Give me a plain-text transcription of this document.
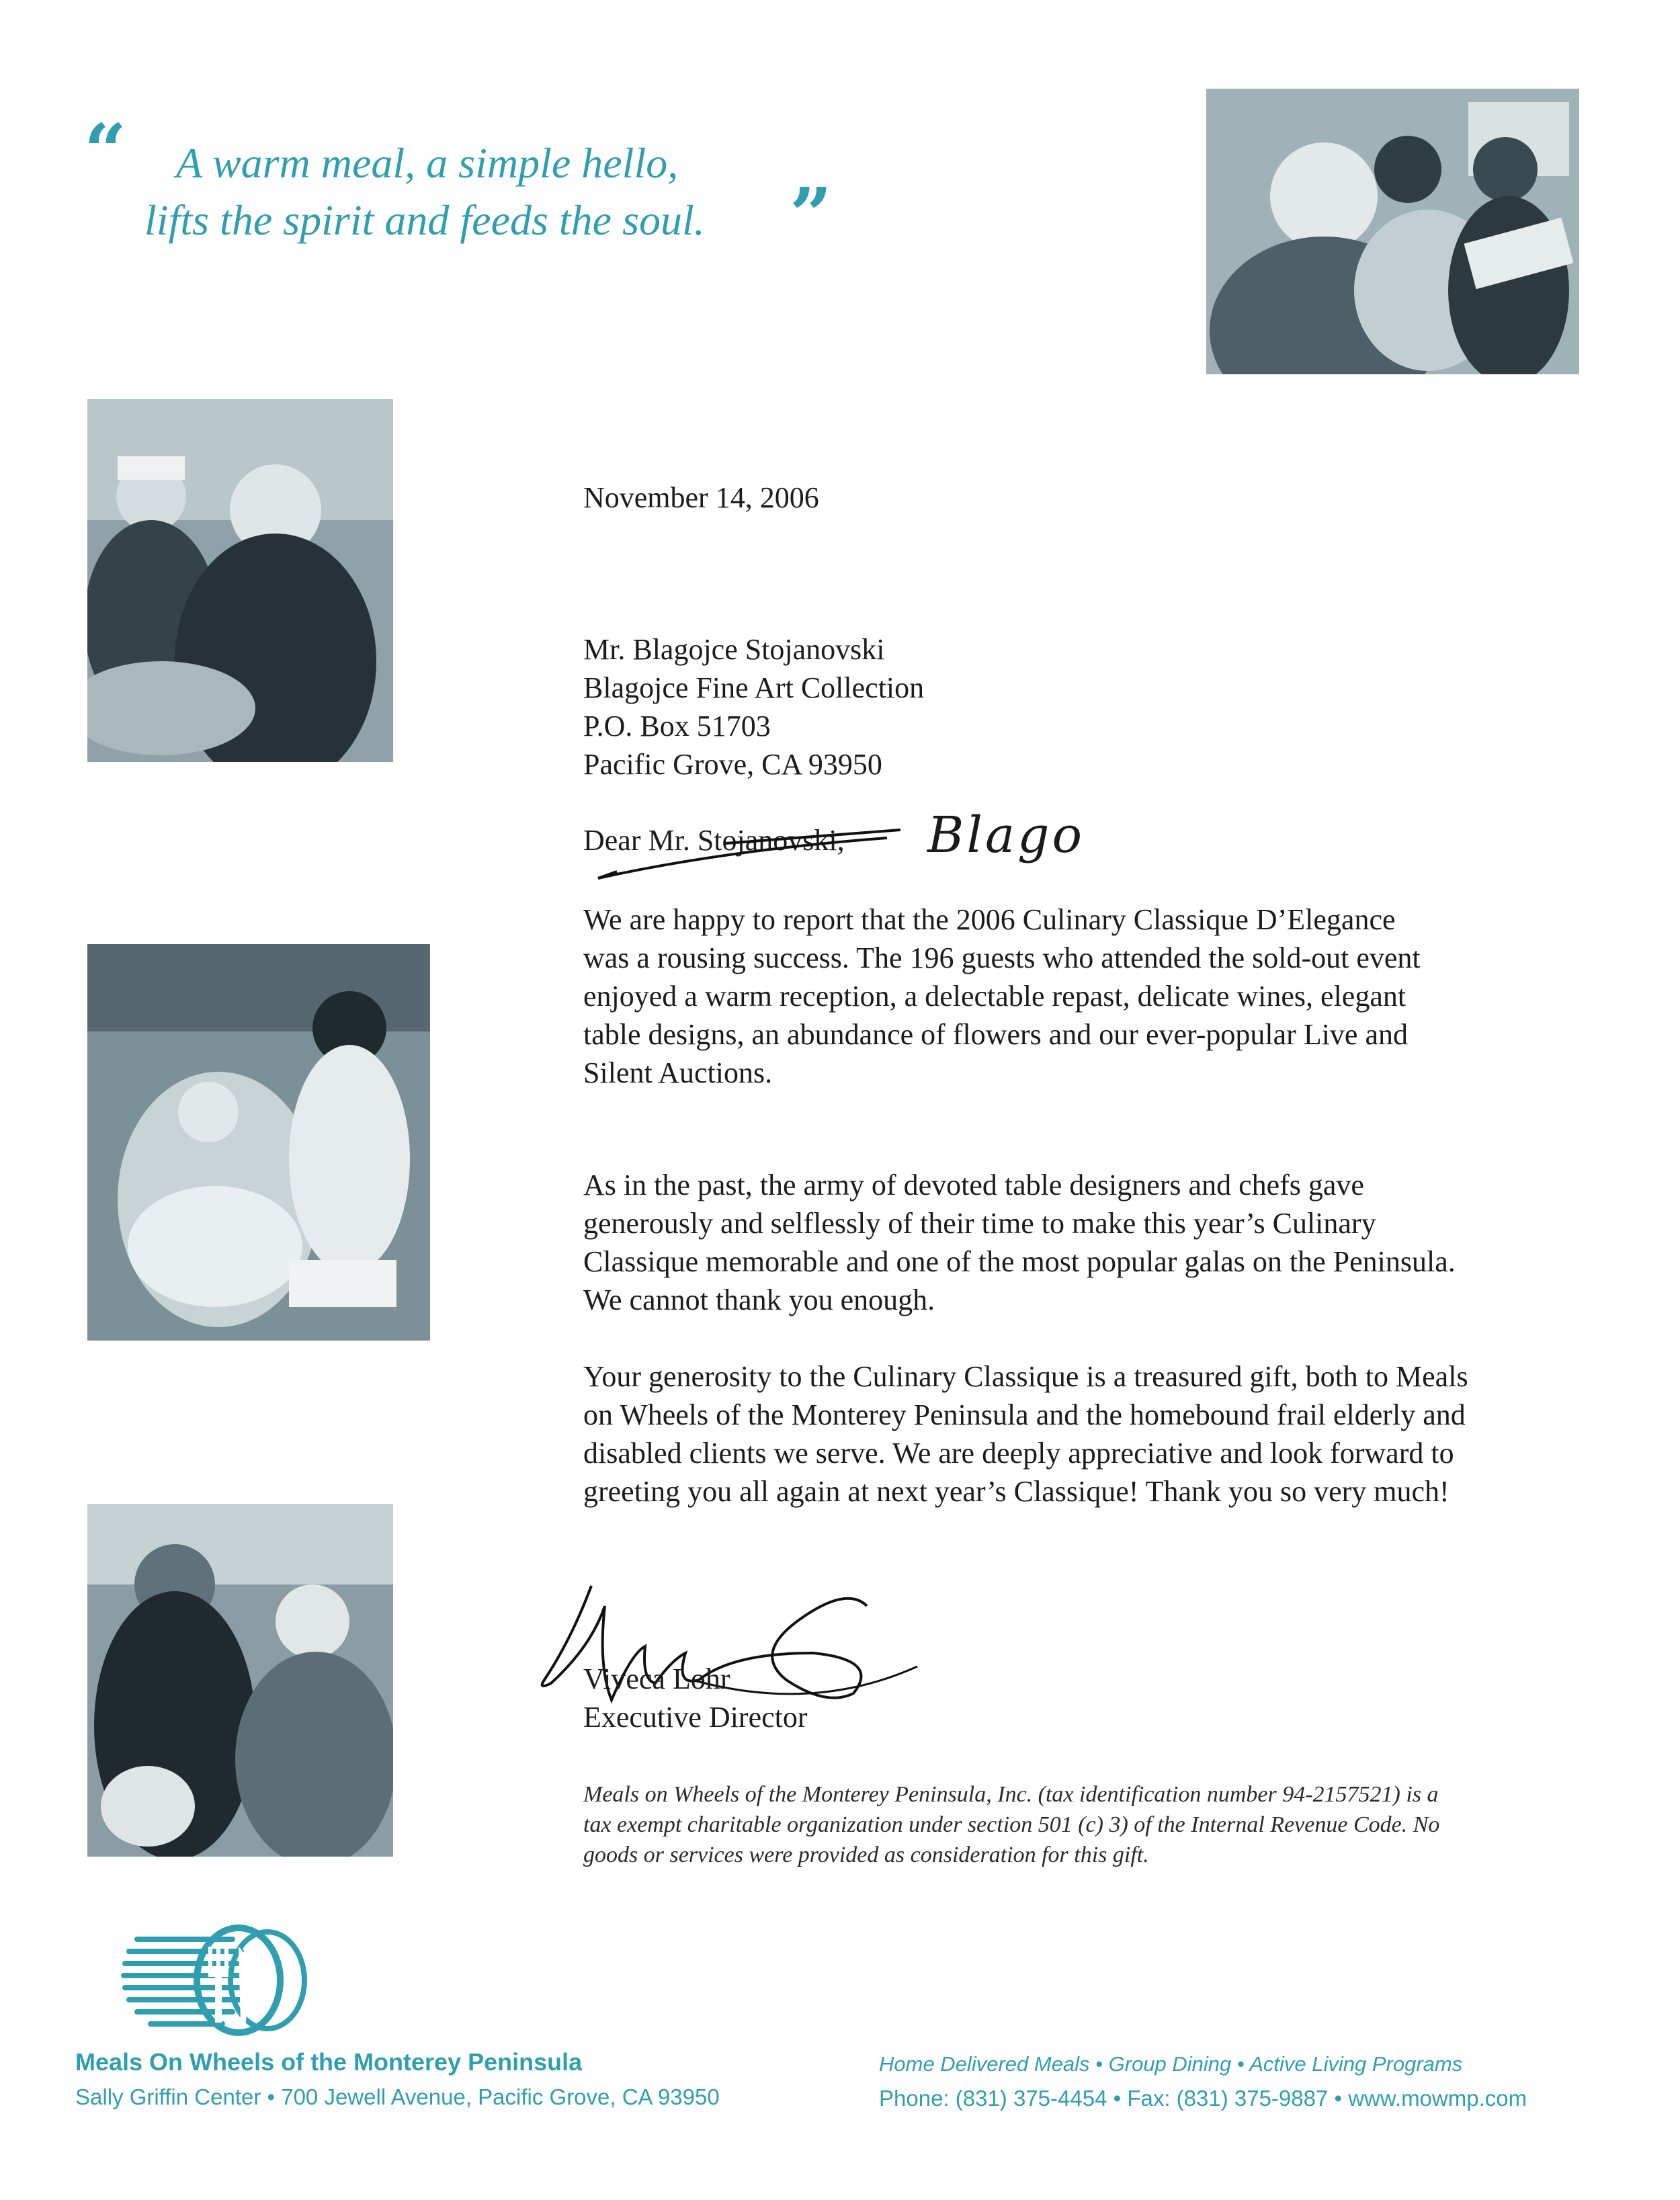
“ A warm meal, a simple hello,
lifts the spirit and feeds the soul. ”
November 14, 2006
Mr. Blagojce Stojanovski
Blagojce Fine Art Collection
P.O. Box 51703
Pacific Grove, CA 93950
Dear Mr. Stojanovski, Blago

We are happy to report that the 2006 Culinary Classique D’Elegance was a rousing success. The 196 guests who attended the sold-out event enjoyed a warm reception, a delectable repast, delicate wines, elegant table designs, an abundance of flowers and our ever-popular Live and Silent Auctions.

As in the past, the army of devoted table designers and chefs gave generously and selflessly of their time to make this year’s Culinary Classique memorable and one of the most popular galas on the Peninsula. We cannot thank you enough.

Your generosity to the Culinary Classique is a treasured gift, both to Meals on Wheels of the Monterey Peninsula and the homebound frail elderly and disabled clients we serve. We are deeply appreciative and look forward to greeting you all again at next year’s Classique! Thank you so very much!

Viveca Lohr
Executive Director
Meals on Wheels of the Monterey Peninsula, Inc. (tax identification number 94-2157521) is a tax exempt charitable organization under section 501 (c) 3) of the Internal Revenue Code. No goods or services were provided as consideration for this gift.
Meals On Wheels of the Monterey Peninsula
Sally Griffin Center • 700 Jewell Avenue, Pacific Grove, CA 93950
Home Delivered Meals • Group Dining • Active Living Programs
Phone: (831) 375-4454 • Fax: (831) 375-9887 • www.mowmp.com
